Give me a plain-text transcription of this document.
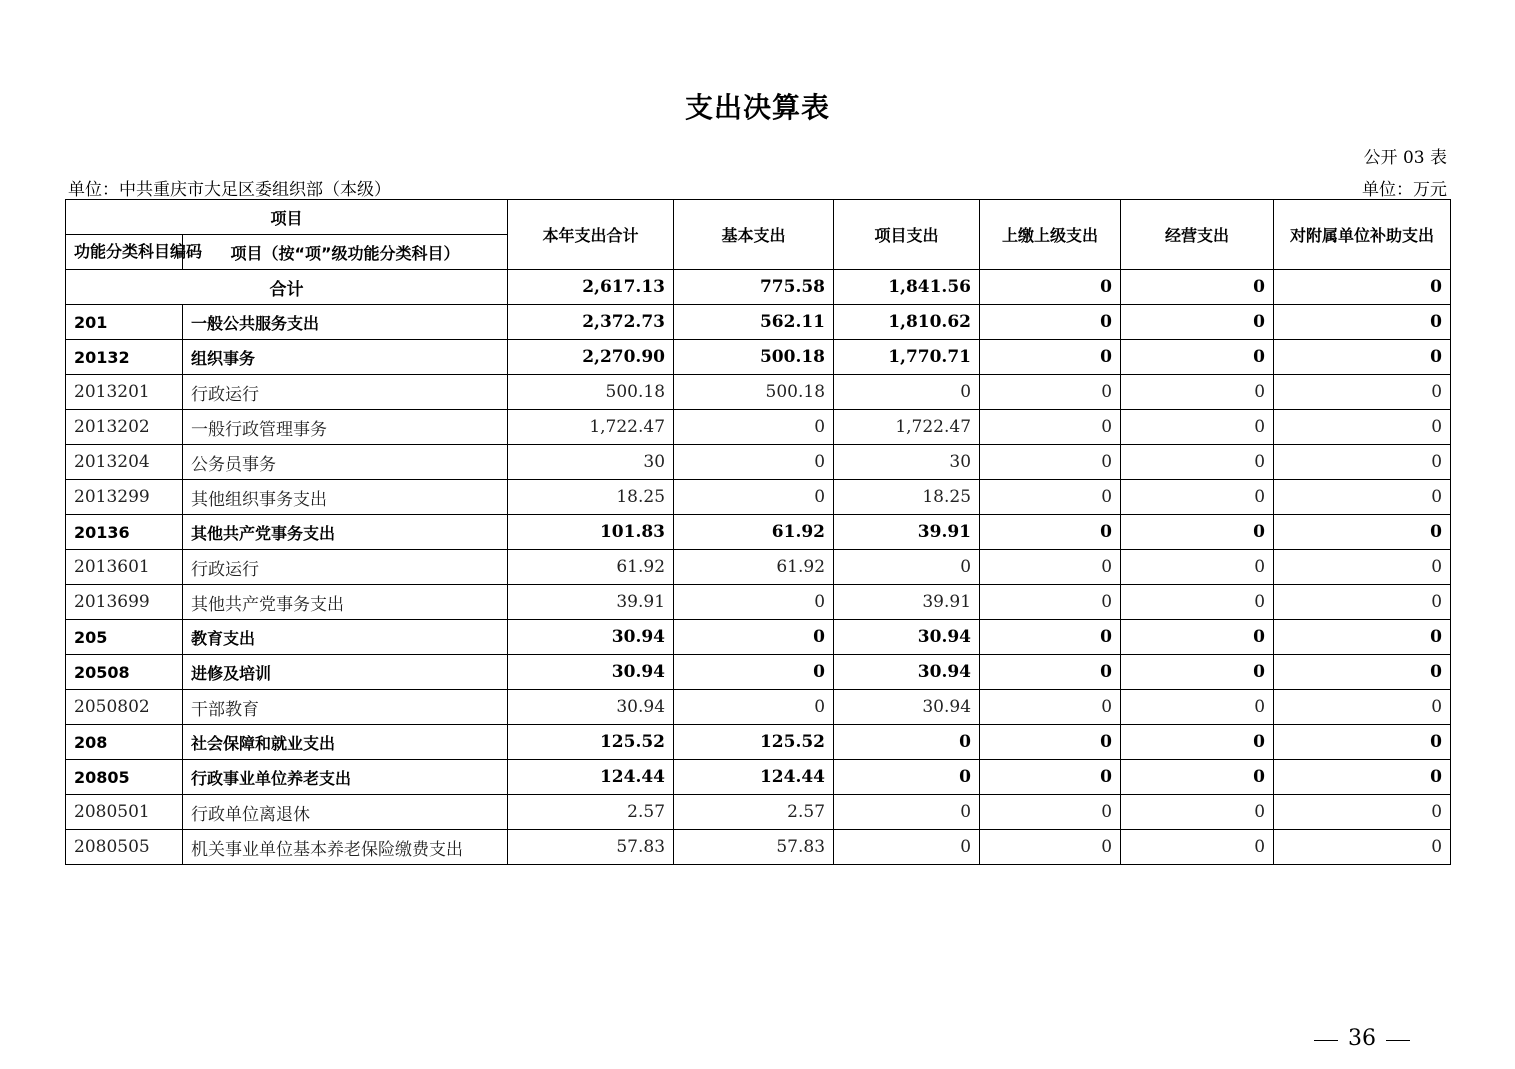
支出决算表
公开 03 表
单位：中共重庆市大足区委组织部（本级）	单位：万元
项目		本年支出合计	基本支出	项目支出	上缴上级支出	经营支出	对附属单位补助支出
功能分类科目编码	项目（按“项”级功能分类科目）						
合计		2,617.13	775.58	1,841.56	0	0	0
201	一般公共服务支出	2,372.73	562.11	1,810.62	0	0	0
20132	组织事务	2,270.90	500.18	1,770.71	0	0	0
2013201	行政运行	500.18	500.18	0	0	0	0
2013202	一般行政管理事务	1,722.47	0	1,722.47	0	0	0
2013204	公务员事务	30	0	30	0	0	0
2013299	其他组织事务支出	18.25	0	18.25	0	0	0
20136	其他共产党事务支出	101.83	61.92	39.91	0	0	0
2013601	行政运行	61.92	61.92	0	0	0	0
2013699	其他共产党事务支出	39.91	0	39.91	0	0	0
205	教育支出	30.94	0	30.94	0	0	0
20508	进修及培训	30.94	0	30.94	0	0	0
2050802	干部教育	30.94	0	30.94	0	0	0
208	社会保障和就业支出	125.52	125.52	0	0	0	0
20805	行政事业单位养老支出	124.44	124.44	0	0	0	0
2080501	行政单位离退休	2.57	2.57	0	0	0	0
2080505	机关事业单位基本养老保险缴费支出	57.83	57.83	0	0	0	0
36
